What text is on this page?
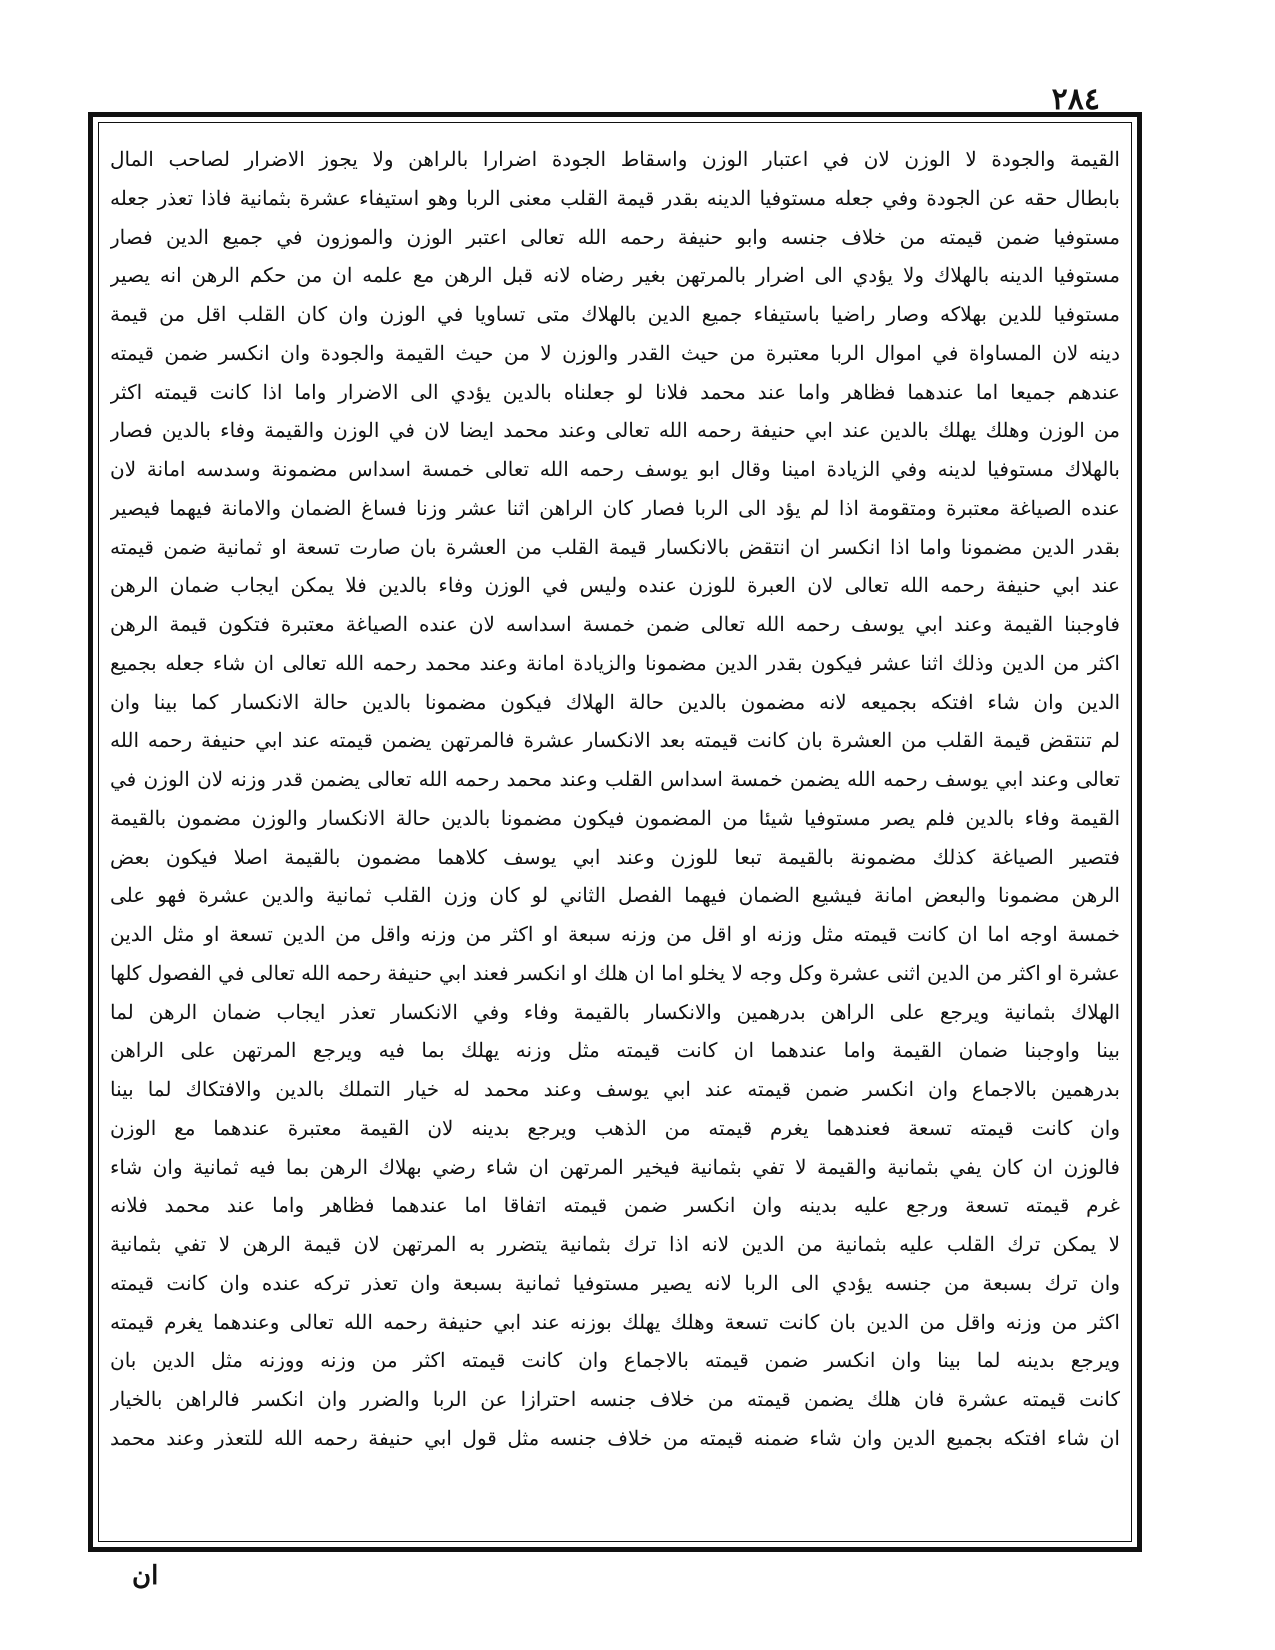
٢٨٤
القيمة والجودة لا الوزن لان في اعتبار الوزن واسقاط الجودة اضرارا بالراهن ولا يجوز الاضرار لصاحب المال
بابطال حقه عن الجودة وفي جعله مستوفيا الدينه بقدر قيمة القلب معنى الربا وهو استيفاء عشرة بثمانية فاذا تعذر جعله
مستوفيا ضمن قيمته من خلاف جنسه وابو حنيفة رحمه الله تعالى اعتبر الوزن والموزون في جميع الدين فصار
مستوفيا الدينه بالهلاك ولا يؤدي الى اضرار بالمرتهن بغير رضاه لانه قبل الرهن مع علمه ان من حكم الرهن انه يصير
مستوفيا للدين بهلاكه وصار راضيا باستيفاء جميع الدين بالهلاك متى تساويا في الوزن وان كان القلب اقل من قيمة
دينه لان المساواة في اموال الربا معتبرة من حيث القدر والوزن لا من حيث القيمة والجودة وان انكسر ضمن قيمته
عندهم جميعا اما عندهما فظاهر واما عند محمد فلانا لو جعلناه بالدين يؤدي الى الاضرار واما اذا كانت قيمته اكثر
من الوزن وهلك يهلك بالدين عند ابي حنيفة رحمه الله تعالى وعند محمد ايضا لان في الوزن والقيمة وفاء بالدين فصار
بالهلاك مستوفيا لدينه وفي الزيادة امينا وقال ابو يوسف رحمه الله تعالى خمسة اسداس مضمونة وسدسه امانة لان
عنده الصياغة معتبرة ومتقومة اذا لم يؤد الى الربا فصار كان الراهن اثنا عشر وزنا فساغ الضمان والامانة فيهما فيصير
بقدر الدين مضمونا واما اذا انكسر ان انتقض بالانكسار قيمة القلب من العشرة بان صارت تسعة او ثمانية ضمن قيمته
عند ابي حنيفة رحمه الله تعالى لان العبرة للوزن عنده وليس في الوزن وفاء بالدين فلا يمكن ايجاب ضمان الرهن
فاوجبنا القيمة وعند ابي يوسف رحمه الله تعالى ضمن خمسة اسداسه لان عنده الصياغة معتبرة فتكون قيمة الرهن
اكثر من الدين وذلك اثنا عشر فيكون بقدر الدين مضمونا والزيادة امانة وعند محمد رحمه الله تعالى ان شاء جعله بجميع
الدين وان شاء افتكه بجميعه لانه مضمون بالدين حالة الهلاك فيكون مضمونا بالدين حالة الانكسار كما بينا وان
لم تنتقض قيمة القلب من العشرة بان كانت قيمته بعد الانكسار عشرة فالمرتهن يضمن قيمته عند ابي حنيفة رحمه الله
تعالى وعند ابي يوسف رحمه الله يضمن خمسة اسداس القلب وعند محمد رحمه الله تعالى يضمن قدر وزنه لان الوزن في
القيمة وفاء بالدين فلم يصر مستوفيا شيئا من المضمون فيكون مضمونا بالدين حالة الانكسار والوزن مضمون بالقيمة
فتصير الصياغة كذلك مضمونة بالقيمة تبعا للوزن وعند ابي يوسف كلاهما مضمون بالقيمة اصلا فيكون بعض
الرهن مضمونا والبعض امانة فيشيع الضمان فيهما الفصل الثاني لو كان وزن القلب ثمانية والدين عشرة فهو على
خمسة اوجه اما ان كانت قيمته مثل وزنه او اقل من وزنه سبعة او اكثر من وزنه واقل من الدين تسعة او مثل الدين
عشرة او اكثر من الدين اثنى عشرة وكل وجه لا يخلو اما ان هلك او انكسر فعند ابي حنيفة رحمه الله تعالى في الفصول كلها
الهلاك بثمانية ويرجع على الراهن بدرهمين والانكسار بالقيمة وفاء وفي الانكسار تعذر ايجاب ضمان الرهن لما
بينا واوجبنا ضمان القيمة واما عندهما ان كانت قيمته مثل وزنه يهلك بما فيه ويرجع المرتهن على الراهن
بدرهمين بالاجماع وان انكسر ضمن قيمته عند ابي يوسف وعند محمد له خيار التملك بالدين والافتكاك لما بينا
وان كانت قيمته تسعة فعندهما يغرم قيمته من الذهب ويرجع بدينه لان القيمة معتبرة عندهما مع الوزن
فالوزن ان كان يفي بثمانية والقيمة لا تفي بثمانية فيخير المرتهن ان شاء رضي بهلاك الرهن بما فيه ثمانية وان شاء
غرم قيمته تسعة ورجع عليه بدينه وان انكسر ضمن قيمته اتفاقا اما عندهما فظاهر واما عند محمد فلانه
لا يمكن ترك القلب عليه بثمانية من الدين لانه اذا ترك بثمانية يتضرر به المرتهن لان قيمة الرهن لا تفي بثمانية
وان ترك بسبعة من جنسه يؤدي الى الربا لانه يصير مستوفيا ثمانية بسبعة وان تعذر تركه عنده وان كانت قيمته
اكثر من وزنه واقل من الدين بان كانت تسعة وهلك يهلك بوزنه عند ابي حنيفة رحمه الله تعالى وعندهما يغرم قيمته
ويرجع بدينه لما بينا وان انكسر ضمن قيمته بالاجماع وان كانت قيمته اكثر من وزنه ووزنه مثل الدين بان
كانت قيمته عشرة فان هلك يضمن قيمته من خلاف جنسه احترازا عن الربا والضرر وان انكسر فالراهن بالخيار
ان شاء افتكه بجميع الدين وان شاء ضمنه قيمته من خلاف جنسه مثل قول ابي حنيفة رحمه الله للتعذر وعند محمد
ان
